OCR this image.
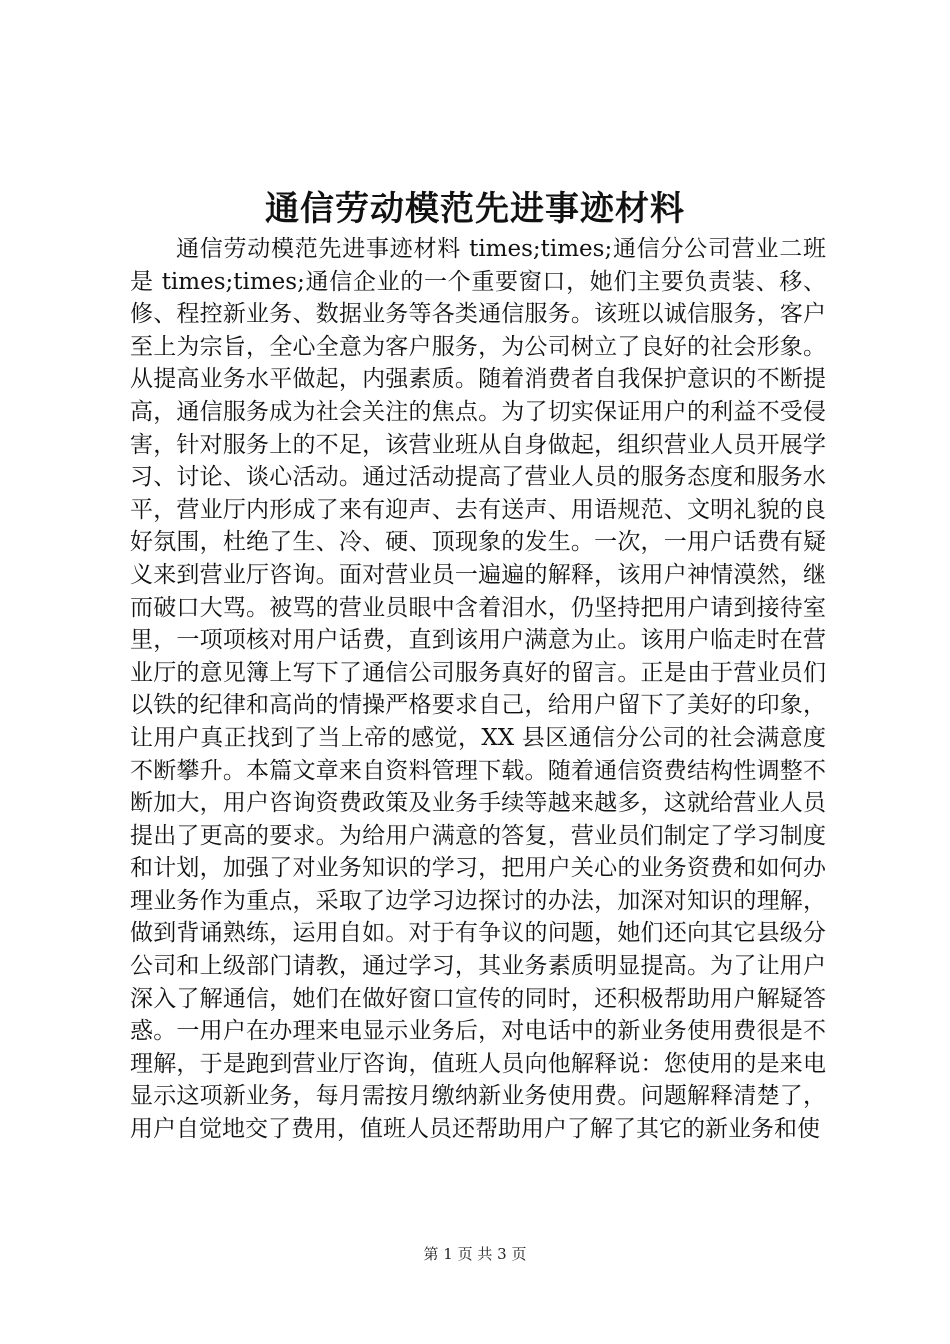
通信劳动模范先进事迹材料

通信劳动模范先进事迹材料 times;times;通信分公司营业二班是 times;times;通信企业的一个重要窗口，她们主要负责装、移、修、程控新业务、数据业务等各类通信服务。该班以诚信服务，客户至上为宗旨，全心全意为客户服务，为公司树立了良好的社会形象。从提高业务水平做起，内强素质。随着消费者自我保护意识的不断提高，通信服务成为社会关注的焦点。为了切实保证用户的利益不受侵害，针对服务上的不足，该营业班从自身做起，组织营业人员开展学习、讨论、谈心活动。通过活动提高了营业人员的服务态度和服务水平，营业厅内形成了来有迎声、去有送声、用语规范、文明礼貌的良好氛围，杜绝了生、冷、硬、顶现象的发生。一次，一用户话费有疑义来到营业厅咨询。面对营业员一遍遍的解释，该用户神情漠然，继而破口大骂。被骂的营业员眼中含着泪水，仍坚持把用户请到接待室里，一项项核对用户话费，直到该用户满意为止。该用户临走时在营业厅的意见簿上写下了通信公司服务真好的留言。正是由于营业员们以铁的纪律和高尚的情操严格要求自己，给用户留下了美好的印象，让用户真正找到了当上帝的感觉，XX 县区通信分公司的社会满意度不断攀升。本篇文章来自资料管理下载。随着通信资费结构性调整不断加大，用户咨询资费政策及业务手续等越来越多，这就给营业人员提出了更高的要求。为给用户满意的答复，营业员们制定了学习制度和计划，加强了对业务知识的学习，把用户关心的业务资费和如何办理业务作为重点，采取了边学习边探讨的办法，加深对知识的理解，做到背诵熟练，运用自如。对于有争议的问题，她们还向其它县级分公司和上级部门请教，通过学习，其业务素质明显提高。为了让用户深入了解通信，她们在做好窗口宣传的同时，还积极帮助用户解疑答惑。一用户在办理来电显示业务后，对电话中的新业务使用费很是不理解，于是跑到营业厅咨询，值班人员向他解释说：您使用的是来电显示这项新业务，每月需按月缴纳新业务使用费。问题解释清楚了，用户自觉地交了费用，值班人员还帮助用户了解了其它的新业务和使

第 1 页 共 3 页
